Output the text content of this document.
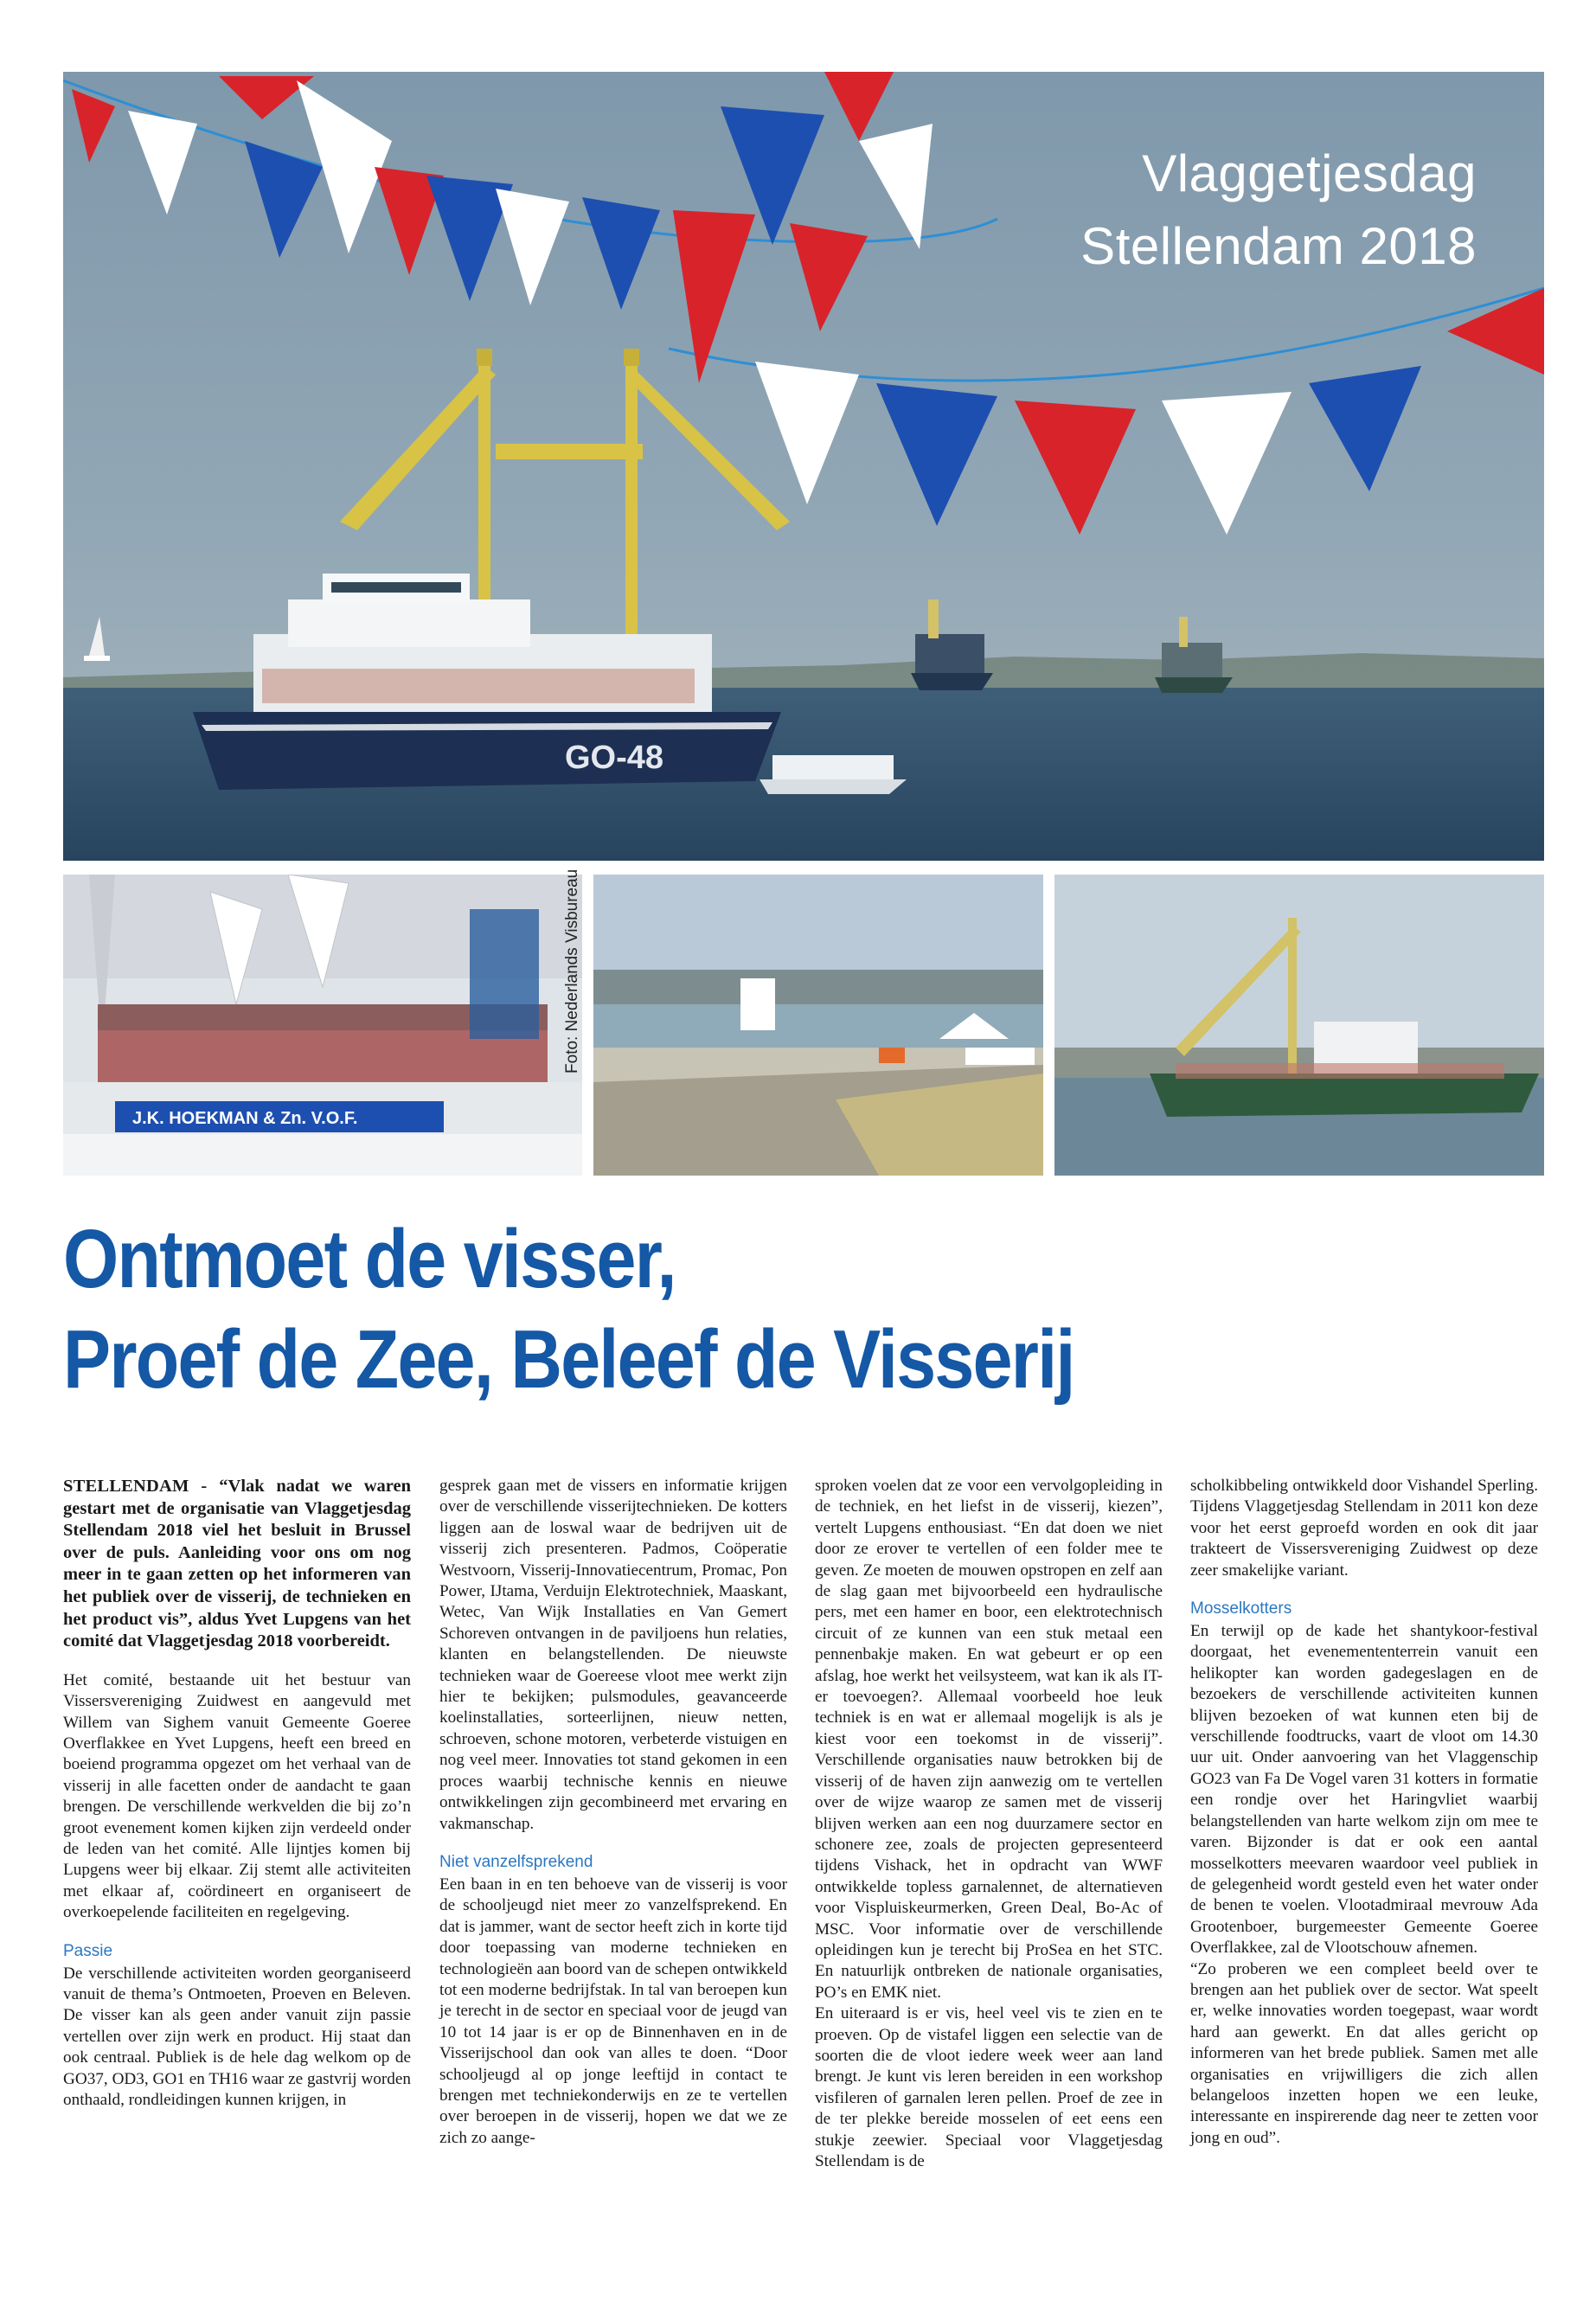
GO-48
Vlaggetjesdag
Stellendam 2018
J.K. HOEKMAN & Zn. V.O.F.
Foto: Nederlands Visbureau
Ontmoet de visser,
Proef de Zee, Beleef de Visserij

STELLENDAM - “Vlak nadat we waren gestart met de organisatie van Vlaggetjesdag Stellendam 2018 viel het besluit in Brussel over de puls. Aanleiding voor ons om nog meer in te gaan zetten op het informeren van het publiek over de visserij, de technieken en het product vis”, aldus Yvet Lupgens van het comité dat Vlaggetjesdag 2018 voorbereidt.

Het comité, bestaande uit het bestuur van Vissersvereniging Zuidwest en aangevuld met Willem van Sighem vanuit Gemeente Goeree Overflakkee en Yvet Lupgens, heeft een breed en boeiend programma opgezet om het verhaal van de visserij in alle facetten onder de aandacht te gaan brengen. De verschillende werkvelden die bij zo’n groot evenement komen kijken zijn verdeeld onder de leden van het comité. Alle lijntjes komen bij Lupgens weer bij elkaar. Zij stemt alle activiteiten met elkaar af, coördineert en organiseert de overkoepelende faciliteiten en regelgeving.

Passie

De verschillende activiteiten worden georganiseerd vanuit de thema’s Ontmoeten, Proeven en Beleven. De visser kan als geen ander vanuit zijn passie vertellen over zijn werk en product. Hij staat dan ook centraal. Publiek is de hele dag welkom op de GO37, OD3, GO1 en TH16 waar ze gastvrij worden onthaald, rondleidingen kunnen krijgen, in

gesprek gaan met de vissers en informatie krijgen over de verschillende visserijtechnieken. De kotters liggen aan de loswal waar de bedrijven uit de visserij zich presenteren. Padmos, Coöperatie Westvoorn, Visserij-Innovatiecentrum, Promac, Pon Power, IJtama, Verduijn Elektrotechniek, Maaskant, Wetec, Van Wijk Installaties en Van Gemert Schoreven ontvangen in de paviljoens hun relaties, klanten en belangstellenden. De nieuwste technieken waar de Goereese vloot mee werkt zijn hier te bekijken; pulsmodules, geavanceerde koelinstallaties, sorteerlijnen, nieuw netten, schroeven, schone motoren, verbeterde vistuigen en nog veel meer. Innovaties tot stand gekomen in een proces waarbij technische kennis en nieuwe ontwikkelingen zijn gecombineerd met ervaring en vakmanschap.

Niet vanzelfsprekend

Een baan in en ten behoeve van de visserij is voor de schooljeugd niet meer zo vanzelfsprekend. En dat is jammer, want de sector heeft zich in korte tijd door toepassing van moderne technieken en technologieën aan boord van de schepen ontwikkeld tot een moderne bedrijfstak. In tal van beroepen kun je terecht in de sector en speciaal voor de jeugd van 10 tot 14 jaar is er op de Binnenhaven en in de Visserijschool dan ook van alles te doen. “Door schooljeugd al op jonge leeftijd in contact te brengen met techniekonderwijs en ze te vertellen over beroepen in de visserij, hopen we dat we ze zich zo aange-

sproken voelen dat ze voor een vervolgopleiding in de techniek, en het liefst in de visserij, kiezen”, vertelt Lupgens enthousiast. “En dat doen we niet door ze erover te vertellen of een folder mee te geven. Ze moeten de mouwen opstropen en zelf aan de slag gaan met bijvoorbeeld een hydraulische pers, met een hamer en boor, een elektrotechnisch circuit of ze kunnen van een stuk metaal een pennenbakje maken. En wat gebeurt er op een afslag, hoe werkt het veilsysteem, wat kan ik als IT-er toevoegen?. Allemaal voorbeeld hoe leuk techniek is en wat er allemaal mogelijk is als je kiest voor een toekomst in de visserij”. Verschillende organisaties nauw betrokken bij de visserij of de haven zijn aanwezig om te vertellen over de wijze waarop ze samen met de visserij blijven werken aan een nog duurzamere sector en schonere zee, zoals de projecten gepresenteerd tijdens Vishack, het in opdracht van WWF ontwikkelde topless garnalennet, de alternatieven voor Vispluiskeurmerken, Green Deal, Bo-Ac of MSC. Voor informatie over de verschillende opleidingen kun je terecht bij ProSea en het STC. En natuurlijk ontbreken de nationale organisaties, PO’s en EMK niet.

En uiteraard is er vis, heel veel vis te zien en te proeven. Op de vistafel liggen een selectie van de soorten die de vloot iedere week weer aan land brengt. Je kunt vis leren bereiden in een workshop visfileren of garnalen leren pellen. Proef de zee in de ter plekke bereide mosselen of eet eens een stukje zeewier. Speciaal voor Vlaggetjesdag Stellendam is de

scholkibbeling ontwikkeld door Vishandel Sperling. Tijdens Vlaggetjesdag Stellendam in 2011 kon deze voor het eerst geproefd worden en ook dit jaar trakteert de Vissersvereniging Zuidwest op deze zeer smakelijke variant.

Mosselkotters

En terwijl op de kade het shantykoor-festival doorgaat, het evenemententerrein vanuit een helikopter kan worden gadegeslagen en de bezoekers de verschillende activiteiten kunnen blijven bezoeken of wat kunnen eten bij de verschillende foodtrucks, vaart de vloot om 14.30 uur uit. Onder aanvoering van het Vlaggenschip GO23 van Fa De Vogel varen 31 kotters in formatie een rondje over het Haringvliet waarbij belangstellenden van harte welkom zijn om mee te varen. Bijzonder is dat er ook een aantal mosselkotters meevaren waardoor veel publiek in de gelegenheid wordt gesteld even het water onder de benen te voelen. Vlootadmiraal mevrouw Ada Grootenboer, burgemeester Gemeente Goeree Overflakkee, zal de Vlootschouw afnemen.

“Zo proberen we een compleet beeld over te brengen aan het publiek over de sector. Wat speelt er, welke innovaties worden toegepast, waar wordt hard aan gewerkt. En dat alles gericht op informeren van het brede publiek. Samen met alle organisaties en vrijwilligers die zich allen belangeloos inzetten hopen we een leuke, interessante en inspirerende dag neer te zetten voor jong en oud”.
